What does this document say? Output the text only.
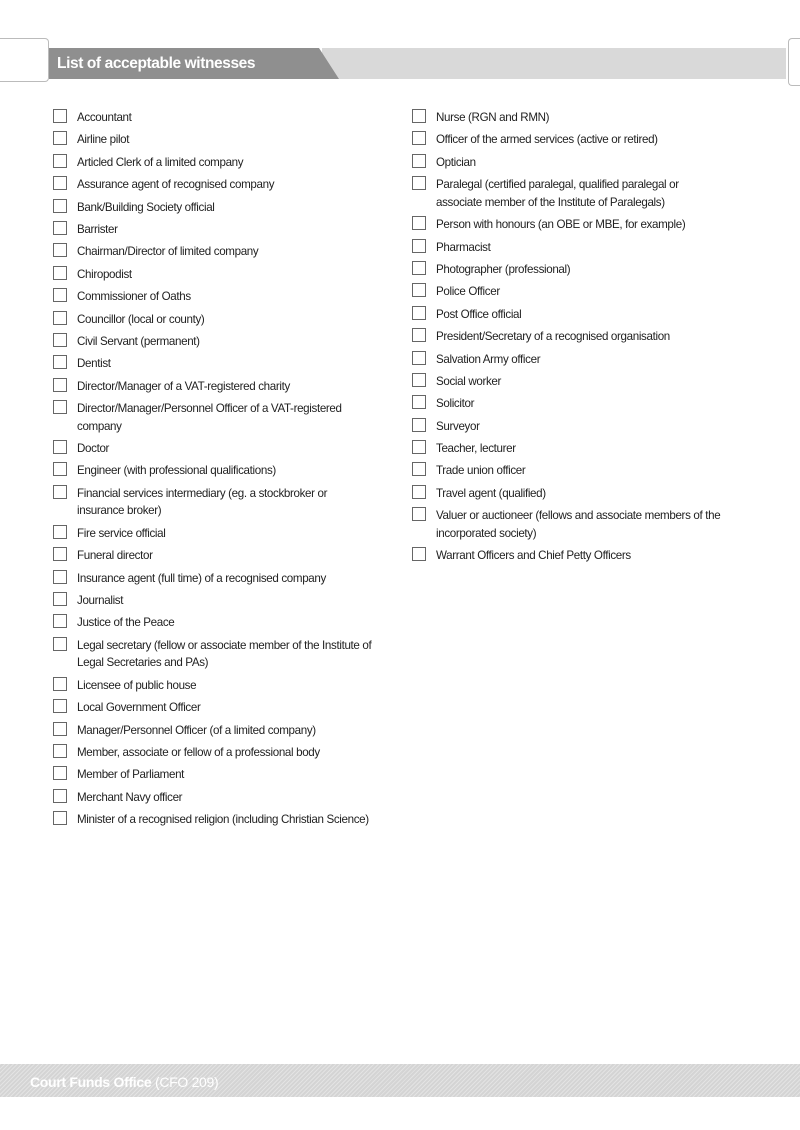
List of acceptable witnesses
Accountant
Airline pilot
Articled Clerk of a limited company
Assurance agent of recognised company
Bank/Building Society official
Barrister
Chairman/Director of limited company
Chiropodist
Commissioner of Oaths
Councillor (local or county)
Civil Servant (permanent)
Dentist
Director/Manager of a VAT-registered charity
Director/Manager/Personnel Officer of a VAT-registered company
Doctor
Engineer (with professional qualifications)
Financial services intermediary (eg. a stockbroker or insurance broker)
Fire service official
Funeral director
Insurance agent (full time) of a recognised company
Journalist
Justice of the Peace
Legal secretary (fellow or associate member of the Institute of Legal Secretaries and PAs)
Licensee of public house
Local Government Officer
Manager/Personnel Officer (of a limited company)
Member, associate or fellow of a professional body
Member of Parliament
Merchant Navy officer
Minister of a recognised religion (including Christian Science)
Nurse (RGN and RMN)
Officer of the armed services (active or retired)
Optician
Paralegal (certified paralegal, qualified paralegal or associate member of the Institute of Paralegals)
Person with honours (an OBE or MBE, for example)
Pharmacist
Photographer (professional)
Police Officer
Post Office official
President/Secretary of a recognised organisation
Salvation Army officer
Social worker
Solicitor
Surveyor
Teacher, lecturer
Trade union officer
Travel agent (qualified)
Valuer or auctioneer (fellows and associate members of the incorporated society)
Warrant Officers and Chief Petty Officers
Court Funds Office (CFO 209)
